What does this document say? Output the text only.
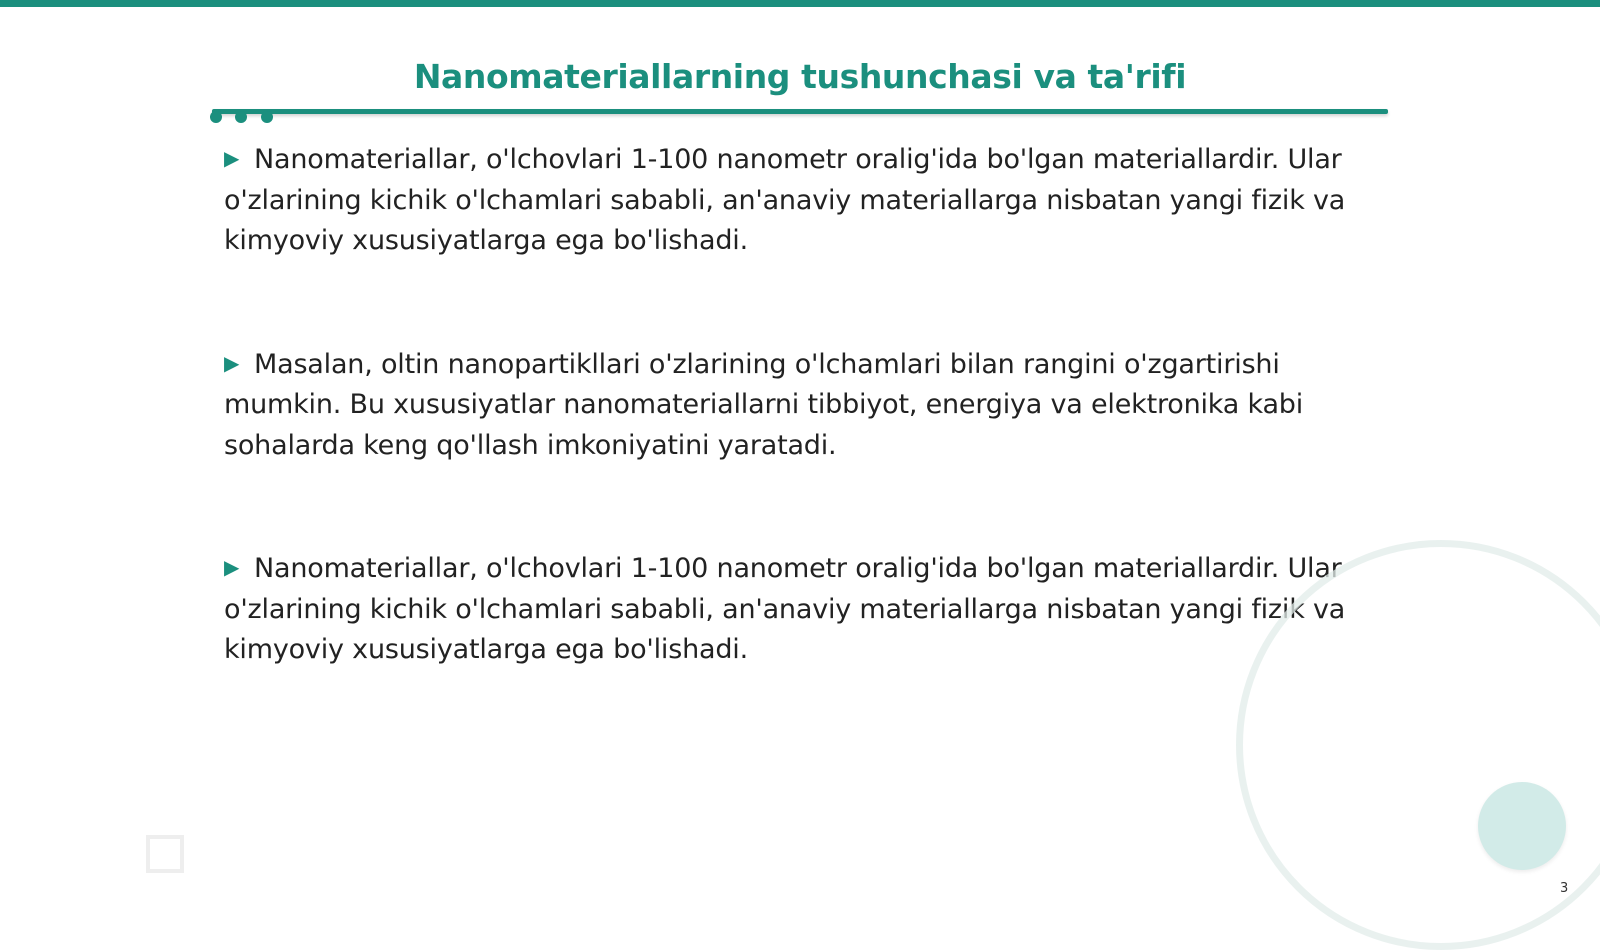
Nanomateriallarning tushunchasi va ta'rifi

▶ Nanomateriallar, o'lchovlari 1-100 nanometr oralig'ida bo'lgan materiallardir. Ular o'zlarining kichik o'lchamlari sababli, an'anaviy materiallarga nisbatan yangi fizik va kimyoviy xususiyatlarga ega bo'lishadi.

▶ Masalan, oltin nanopartikllari o'zlarining o'lchamlari bilan rangini o'zgartirishi mumkin. Bu xususiyatlar nanomateriallarni tibbiyot, energiya va elektronika kabi sohalarda keng qo'llash imkoniyatini yaratadi.

▶ Nanomateriallar, o'lchovlari 1-100 nanometr oralig'ida bo'lgan materiallardir. Ular o'zlarining kichik o'lchamlari sababli, an'anaviy materiallarga nisbatan yangi fizik va kimyoviy xususiyatlarga ega bo'lishadi.

3
